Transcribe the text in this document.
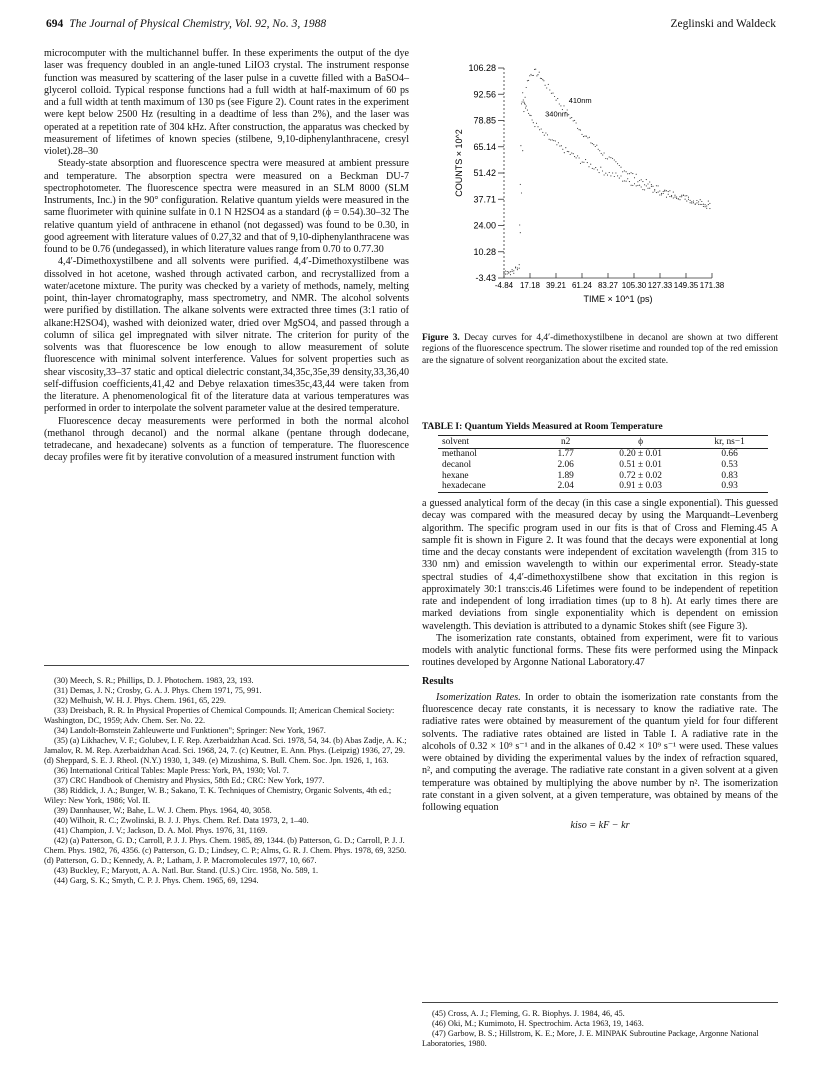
694 The Journal of Physical Chemistry, Vol. 92, No. 3, 1988	Zeglinski and Waldeck

microcomputer with the multichannel buffer. In these experiments the output of the dye laser was frequency doubled in an angle-tuned LiIO3 crystal. The instrument response function was measured by scattering of the laser pulse in a cuvette filled with a BaSO4–glycerol colloid. Typical response functions had a full width at half-maximum of 60 ps and a full width at tenth maximum of 130 ps (see Figure 2). Count rates in the experiment were kept below 2500 Hz (resulting in a deadtime of less than 2%), and the laser was operated at a repetition rate of 304 kHz. After construction, the apparatus was checked by measurement of lifetimes of known species (stilbene, 9,10-diphenylanthracene, cresyl violet).28–30

Steady-state absorption and fluorescence spectra were measured at ambient pressure and temperature. The absorption spectra were measured on a Beckman DU-7 spectrophotometer. The fluorescence spectra were measured in an SLM 8000 (SLM Instruments, Inc.) in the 90° configuration. Relative quantum yields were measured in the same fluorimeter with quinine sulfate in 0.1 N H2SO4 as a standard (ϕ = 0.54).30–32 The relative quantum yield of anthracene in ethanol (not degassed) was found to be 0.30, in good agreement with literature values of 0.27,32 and that of 9,10-diphenylanthracene was found to be 0.76 (undegassed), in which literature values range from 0.70 to 0.77.30

4,4′-Dimethoxystilbene and all solvents were purified. 4,4′-Dimethoxystilbene was dissolved in hot acetone, washed through activated carbon, and recrystallized from a water/acetone mixture. The purity was checked by a variety of methods, namely, melting point, thin-layer chromatography, mass spectrometry, and NMR. The alcohol solvents were purified by distillation. The alkane solvents were extracted three times (3:1 ratio of alkane:H2SO4), washed with deionized water, dried over MgSO4, and passed through a column of silica gel impregnated with silver nitrate. The criterion for purity of the solvents was that fluorescence be low enough to allow measurement of solute fluorescence with minimal solvent interference. Values for solvent properties such as shear viscosity,33–37 static and optical dielectric constant,34,35c,35e,39 density,33,36,40 self-diffusion coefficients,41,42 and Debye relaxation times35c,43,44 were taken from the literature. A phenomenological fit of the literature data at various temperatures was performed in order to interpolate the solvent parameter value at the desired temperature.

Fluorescence decay measurements were performed in both the normal alcohol (methanol through decanol) and the normal alkane (pentane through dodecane, tetradecane, and hexadecane) solvents as a function of temperature. The fluorescence decay profiles were fit by iterative convolution of a measured instrument function with

(30) Meech, S. R.; Phillips, D. J. Photochem. 1983, 23, 193.
(31) Demas, J. N.; Crosby, G. A. J. Phys. Chem 1971, 75, 991.
(32) Melhuish, W. H. J. Phys. Chem. 1961, 65, 229.
(33) Dreisbach, R. R. In Physical Properties of Chemical Compounds. II; American Chemical Society: Washington, DC, 1959; Adv. Chem. Ser. No. 22.
(34) Landolt-Bornstein Zahleuwerte und Funktionen"; Springer: New York, 1967.
(35) (a) Likhachev, V. F.; Golubev, I. F. Rep. Azerbaidzhan Acad. Sci. 1978, 54, 34. (b) Abas Zadje, A. K.; Jamalov, R. M. Rep. Azerbaidzhan Acad. Sci. 1968, 24, 7. (c) Keutner, E. Ann. Phys. (Leipzig) 1936, 27, 29. (d) Sheppard, S. E. J. Rheol. (N.Y.) 1930, 1, 349. (e) Mizushima, S. Bull. Chem. Soc. Jpn. 1926, 1, 163.
(36) International Critical Tables: Maple Press: York, PA, 1930; Vol. 7.
(37) CRC Handbook of Chemistry and Physics, 58th Ed.; CRC: New York, 1977.
(38) Riddick, J. A.; Bunger, W. B.; Sakano, T. K. Techniques of Chemistry, Organic Solvents, 4th ed.; Wiley: New York, 1986; Vol. II.
(39) Dannhauser, W.; Bahe, L. W. J. Chem. Phys. 1964, 40, 3058.
(40) Wilhoit, R. C.; Zwolinski, B. J. J. Phys. Chem. Ref. Data 1973, 2, 1–40.
(41) Champion, J. V.; Jackson, D. A. Mol. Phys. 1976, 31, 1169.
(42) (a) Patterson, G. D.; Carroll, P. J. J. Phys. Chem. 1985, 89, 1344. (b) Patterson, G. D.; Carroll, P. J. J. Chem. Phys. 1982, 76, 4356. (c) Patterson, G. D.; Lindsey, C. P.; Alms, G. R. J. Chem. Phys. 1978, 69, 3250. (d) Patterson, G. D.; Kennedy, A. P.; Latham, J. P. Macromolecules 1977, 10, 667.
(43) Buckley, F.; Maryott, A. A. Natl. Bur. Stand. (U.S.) Circ. 1958, No. 589, 1.
(44) Garg, S. K.; Smyth, C. P. J. Phys. Chem. 1965, 69, 1294.
106.28
92.56
78.85
65.14
51.42
37.71
24.00
10.28
-3.43
-4.84 17.18 39.21 61.24 83.27 105.30 127.33 149.35 171.38
TIME × 10^1 (ps)
COUNTS × 10^2
410nm
340nm
Figure 3. Decay curves for 4,4′-dimethoxystilbene in decanol are shown at two different regions of the fluorescence spectrum. The slower risetime and rounded top of the red emission are the signature of solvent reorganization about the excited state.
TABLE I: Quantum Yields Measured at Room Temperature
solvent	n2	ϕ	kr, ns−1
methanol	1.77	0.20 ± 0.01	0.66
decanol	2.06	0.51 ± 0.01	0.53
hexane	1.89	0.72 ± 0.02	0.83
hexadecane	2.04	0.91 ± 0.03	0.93

a guessed analytical form of the decay (in this case a single exponential). This guessed decay was compared with the measured decay by using the Marquandt–Levenberg algorithm. The specific program used in our fits is that of Cross and Fleming.45 A sample fit is shown in Figure 2. It was found that the decays were exponential at long time and the decay constants were independent of excitation wavelength (from 315 to 330 nm) and emission wavelength to within our experimental error. Steady-state spectral studies of 4,4′-dimethoxystilbene show that excitation in this region is approximately 30:1 trans:cis.46 Lifetimes were found to be independent of repetition rate and independent of long irradiation times (up to 8 h). At early times there are marked deviations from single exponentiality which is dependent on emission wavelength. This deviation is attributed to a dynamic Stokes shift (see Figure 3).

The isomerization rate constants, obtained from experiment, were fit to various models with analytic functional forms. These fits were performed using the Minpack routines developed by Argonne National Laboratory.47

Results

Isomerization Rates. In order to obtain the isomerization rate constants from the fluorescence decay rate constants, it is necessary to know the radiative rate. The radiative rates were obtained by measurement of the quantum yield for four different solvents. The radiative rates obtained are listed in Table I. A radiative rate in the alcohols of 0.32 × 10⁹ s⁻¹ and in the alkanes of 0.42 × 10⁹ s⁻¹ were used. These values were obtained by dividing the experimental values by the index of refraction squared, n², and computing the average. The radiative rate constant in a given solvent at a given temperature was obtained by multiplying the above number by n². The isomerization rate constant in a given solvent, at a given temperature, was obtained by means of the following equation

kiso = kF − kr

(45) Cross, A. J.; Fleming, G. R. Biophys. J. 1984, 46, 45.
(46) Oki, M.; Kumimoto, H. Spectrochim. Acta 1963, 19, 1463.
(47) Garbow, B. S.; Hillstrom, K. E.; More, J. E. MINPAK Subroutine Package, Argonne National Laboratories, 1980.
